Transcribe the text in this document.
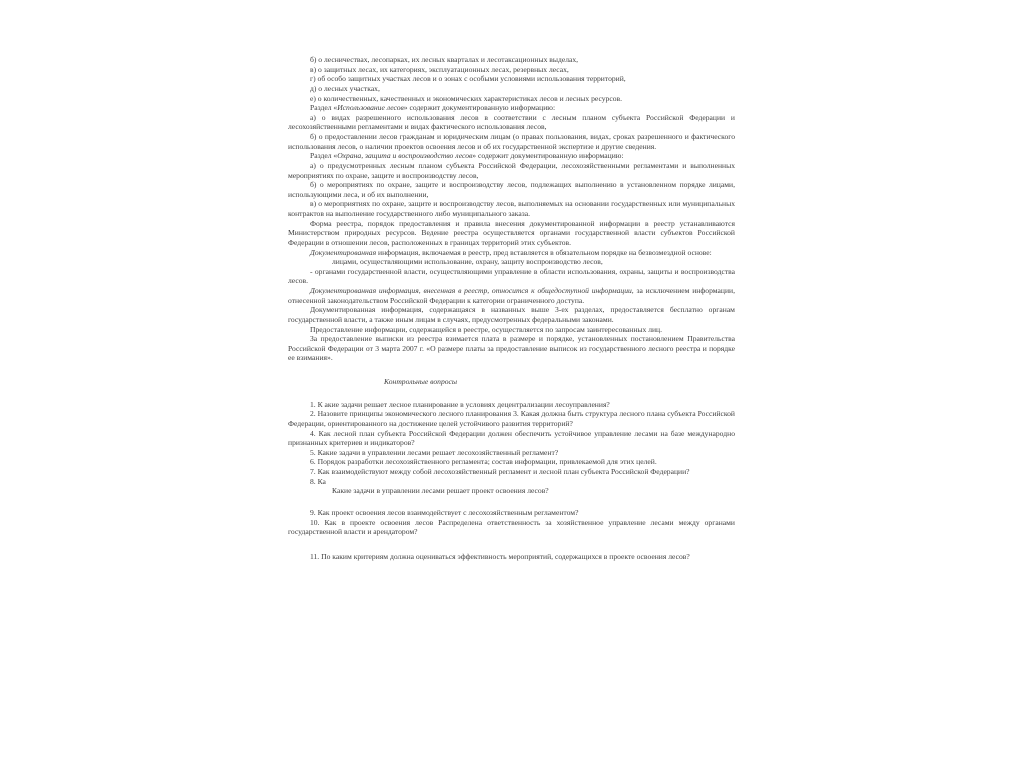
б) о лесничествах, лесопарках, их лесных кварталах и лесотаксационных выделах,

в) о защитных лесах, их категориях, эксплуатационных лесах, резервных лесах,

г) об особо защитных участках лесов и о зонах с особыми условиями использования территорий,

д) о лесных участках,

е) о количественных, качественных и экономических характеристиках лесов и лесных ресурсов.

Раздел «Использование лесов» содержит документированную информацию:

а) о видах разрешенного использования лесов в соответствии с лесным планом субъекта Российской Федерации и лесохозяйственными регламентами и видах фактического использования лесов,

б) о предоставлении лесов гражданам и юридическим лицам (о правах пользования, видах, сроках разрешенного и фактического использования лесов, о наличии проектов освоения лесов и об их государственной экспертизе и другие сведения.

Раздел «Охрана, защита и воспроизводство лесов» содержит документированную информацию:

а) о предусмотренных лесным планом субъекта Российской Федерации, лесохозяйственными регламентами и выполненных мероприятиях по охране, защите и воспроизводству лесов,

б) о мероприятиях по охране, защите и воспроизводству лесов, подлежащих выполнению в установленном порядке лицами, использующими леса, и об их выполнении,

в) о мероприятиях по охране, защите и воспроизводству лесов, выполняемых на основании государственных или муниципальных контрактов на выполнение государственного либо муниципального заказа.

Форма реестра, порядок предоставления и правила внесения документированной информации в реестр устанавливаются Министерством природных ресурсов. Ведение реестра осуществляется органами государственной власти субъектов Российской Федерации в отношении лесов, расположенных в границах территорий этих субъектов.

Документированная информация, включаемая в реестр, пред вставляется в обязательном порядке на безвозмездной основе:

лицами, осуществляющими использование, охрану, защиту воспроизводство лесов,

- органами государственной власти, осуществляющими управление в области использования, охраны, защиты и воспроизводства лесов.

Документированная информация, внесенная в реестр, относится к общедоступной информации, за исключением информации, отнесенной законодательством Российской Федерации к категории ограниченного доступа.

Документированная информация, содержащаяся в названных выше 3-ех разделах, предоставляется бесплатно органам государственной власти, а также иным лицам в случаях, предусмотренных федеральными законами.

Предоставление информации, содержащейся в реестре, осуществляется по запросам заинтересованных лиц.

За предоставление выписки из реестра взимается плата в размере и порядке, установленных постановлением Правительства Российской Федерации от 3 марта 2007 г. «О размере платы за предоставление выписок из государственного лесного реестра и порядке ее взимания».

Контрольные вопросы

1. К акие задачи решает лесное планирование в условиях децентрализации лесоуправления?

2. Назовите принципы экономического лесного планирования 3. Какая должна быть структура лесного плана субъекта Российской Федерации, ориентированного на достижение целей устойчивого развития территорий?

4. Как лесной план субъекта Российской Федерации должен обеспечить устойчивое управление лесами на базе международно признанных критериев и индикаторов?

5. Какие задачи в управлении лесами решает лесохозяйственный регламент?

6. Порядок разработки лесохозяйственного регламента; состав информации, привлекаемой для этих целей.

7. Как взаимодействуют между собой лесохозяйственный регламент и лесной план субъекта Российской Федерации?

8. Ка

Какие задачи в управлении лесами решает проект освоения лесов?

9. Как проект освоения лесов взаимодействует с лесохозяйственным регламентом?

10. Как в проекте освоения лесов Распределена ответственность за хозяйственное управление лесами между органами государственной власти и арендатором?

11. По каким критериям должна оцениваться эффективность мероприятий, содержащихся в проекте освоения лесов?
